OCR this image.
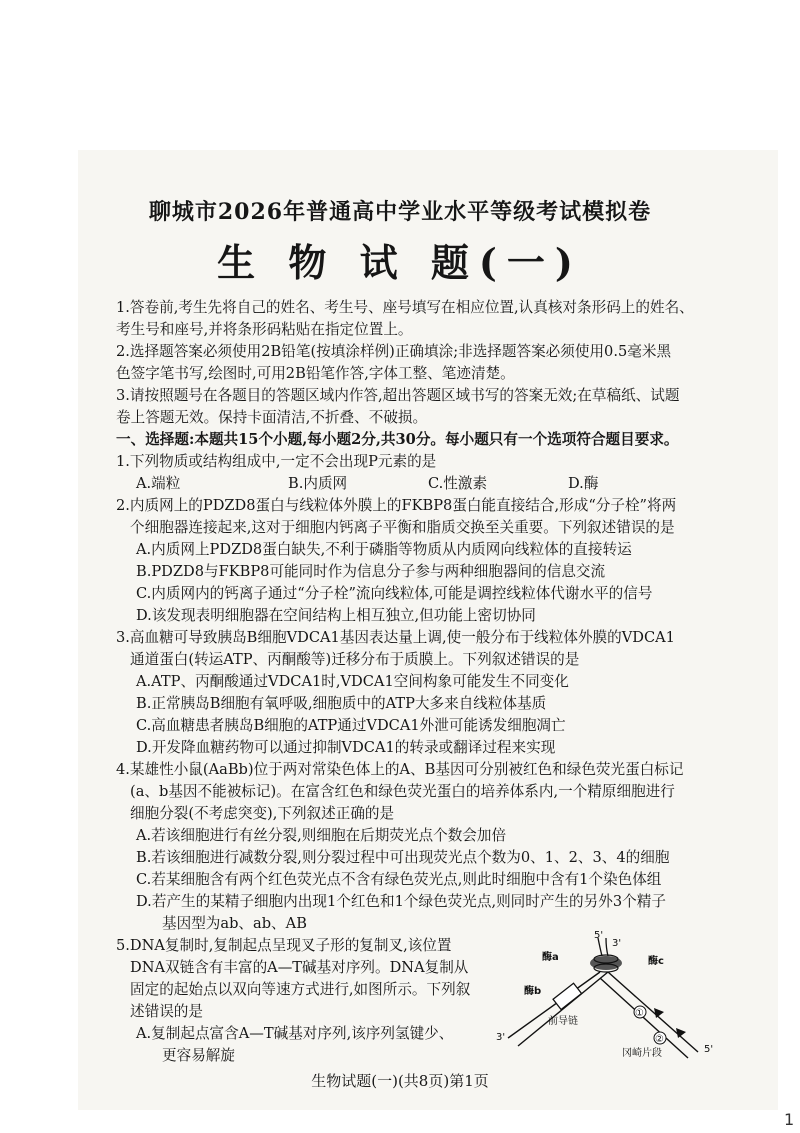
聊城市2026年普通高中学业水平等级考试模拟卷
生 物 试 题(一)
1.答卷前,考生先将自己的姓名、考生号、座号填写在相应位置,认真核对条形码上的姓名、
考生号和座号,并将条形码粘贴在指定位置上。
2.选择题答案必须使用2B铅笔(按填涂样例)正确填涂;非选择题答案必须使用0.5毫米黑
色签字笔书写,绘图时,可用2B铅笔作答,字体工整、笔迹清楚。
3.请按照题号在各题目的答题区域内作答,超出答题区域书写的答案无效;在草稿纸、试题
卷上答题无效。保持卡面清洁,不折叠、不破损。
一、选择题:本题共15个小题,每小题2分,共30分。每小题只有一个选项符合题目要求。
1.下列物质或结构组成中,一定不会出现P元素的是
A.端粒	B.内质网	C.性激素	D.酶
2.内质网上的PDZD8蛋白与线粒体外膜上的FKBP8蛋白能直接结合,形成“分子栓”将两
个细胞器连接起来,这对于细胞内钙离子平衡和脂质交换至关重要。下列叙述错误的是
A.内质网上PDZD8蛋白缺失,不利于磷脂等物质从内质网向线粒体的直接转运
B.PDZD8与FKBP8可能同时作为信息分子参与两种细胞器间的信息交流
C.内质网内的钙离子通过“分子栓”流向线粒体,可能是调控线粒体代谢水平的信号
D.该发现表明细胞器在空间结构上相互独立,但功能上密切协同
3.高血糖可导致胰岛B细胞VDCA1基因表达量上调,使一般分布于线粒体外膜的VDCA1
通道蛋白(转运ATP、丙酮酸等)迁移分布于质膜上。下列叙述错误的是
A.ATP、丙酮酸通过VDCA1时,VDCA1空间构象可能发生不同变化
B.正常胰岛B细胞有氧呼吸,细胞质中的ATP大多来自线粒体基质
C.高血糖患者胰岛B细胞的ATP通过VDCA1外泄可能诱发细胞凋亡
D.开发降血糖药物可以通过抑制VDCA1的转录或翻译过程来实现
4.某雄性小鼠(AaBb)位于两对常染色体上的A、B基因可分别被红色和绿色荧光蛋白标记
(a、b基因不能被标记)。在富含红色和绿色荧光蛋白的培养体系内,一个精原细胞进行
细胞分裂(不考虑突变),下列叙述正确的是
A.若该细胞进行有丝分裂,则细胞在后期荧光点个数会加倍
B.若该细胞进行减数分裂,则分裂过程中可出现荧光点个数为0、1、2、3、4的细胞
C.若某细胞含有两个红色荧光点不含有绿色荧光点,则此时细胞中含有1个染色体组
D.若产生的某精子细胞内出现1个红色和1个绿色荧光点,则同时产生的另外3个精子
基因型为ab、ab、AB
5.DNA复制时,复制起点呈现叉子形的复制叉,该位置
DNA双链含有丰富的A—T碱基对序列。DNA复制从
固定的起始点以双向等速方式进行,如图所示。下列叙
述错误的是
A.复制起点富含A—T碱基对序列,该序列氢键少、
更容易解旋
5'
3'
酶a	酶c
酶b
3'
5'
前导链
冈崎片段
①
②
生物试题(一)(共8页)第1页
1
